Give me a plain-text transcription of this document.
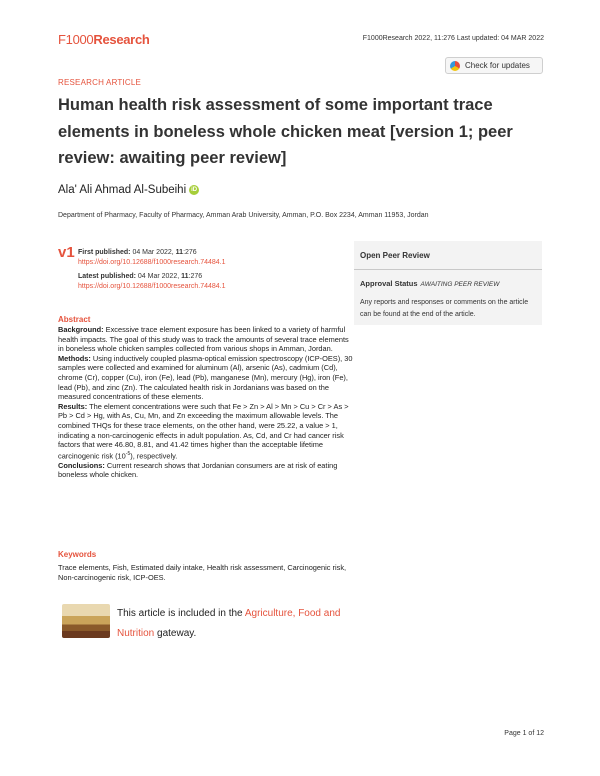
F1000Research	F1000Research 2022, 11:276 Last updated: 04 MAR 2022
RESEARCH ARTICLE
Check for updates
Human health risk assessment of some important trace elements in boneless whole chicken meat [version 1; peer review: awaiting peer review]
Ala' Ali Ahmad Al-Subeihi iD
Department of Pharmacy, Faculty of Pharmacy, Amman Arab University, Amman, P.O. Box 2234, Amman 11953, Jordan
v1 First published: 04 Mar 2022, 11:276
https://doi.org/10.12688/f1000research.74484.1
Latest published: 04 Mar 2022, 11:276
https://doi.org/10.12688/f1000research.74484.1
Open Peer Review
Approval Status AWAITING PEER REVIEW
Any reports and responses or comments on the article can be found at the end of the article.
Abstract

Background: Excessive trace element exposure has been linked to a variety of harmful health impacts. The goal of this study was to track the amounts of several trace elements in boneless whole chicken samples collected from various shops in Amman, Jordan.

Methods: Using inductively coupled plasma-optical emission spectroscopy (ICP-OES), 30 samples were collected and examined for aluminum (Al), arsenic (As), cadmium (Cd), chrome (Cr), copper (Cu), iron (Fe), lead (Pb), manganese (Mn), mercury (Hg), iron (Fe), lead (Pb), and zinc (Zn). The calculated health risk in Jordanians was based on the measured concentrations of these elements.

Results: The element concentrations were such that Fe > Zn > Al > Mn > Cu > Cr > As > Pb > Cd > Hg, with As, Cu, Mn, and Zn exceeding the maximum allowable levels. The combined THQs for these trace elements, on the other hand, were 25.22, a value > 1, indicating a non-carcinogenic effects in adult population. As, Cd, and Cr had cancer risk factors that were 46.80, 8.81, and 41.42 times higher than the acceptable lifetime carcinogenic risk $(10^{-5})$, respectively.

Conclusions: Current research shows that Jordanian consumers are at risk of eating boneless whole chicken.

Keywords
Trace elements, Fish, Estimated daily intake, Health risk assessment, Carcinogenic risk, Non-carcinogenic risk, ICP-OES.
This article is included in the Agriculture, Food and Nutrition gateway.
Page 1 of 12
